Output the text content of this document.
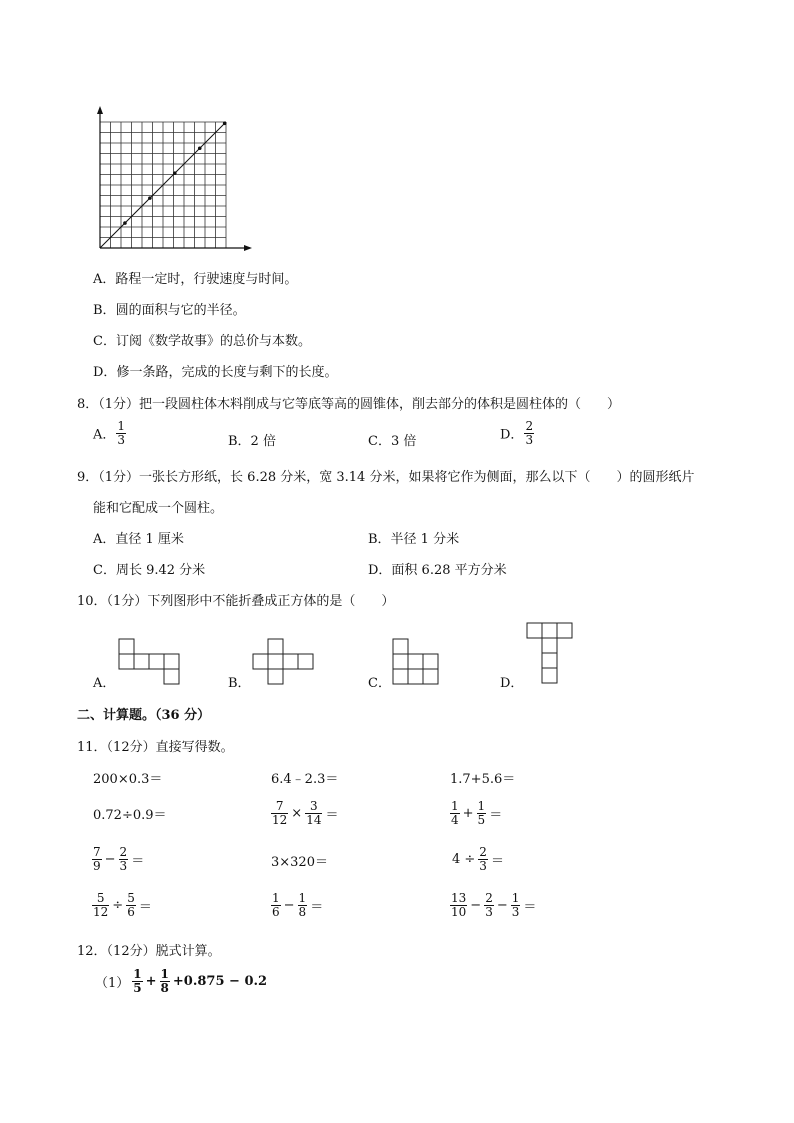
A．路程一定时，行驶速度与时间。
B．圆的面积与它的半径。
C．订阅《数学故事》的总价与本数。
D．修一条路，完成的长度与剩下的长度。
8．（1分）把一段圆柱体木料削成与它等底等高的圆锥体，削去部分的体积是圆柱体的（　　）
A． $\frac{1}{3}$	B．2 倍	C．3 倍	D． $\frac{2}{3}$
9．（1分）一张长方形纸，长 6.28 分米，宽 3.14 分米，如果将它作为侧面，那么以下（　　）的圆形纸片
能和它配成一个圆柱。
A．直径 1 厘米	B．半径 1 分米
C．周长 9.42 分米	D．面积 6.28 平方分米
10．（1分）下列图形中不能折叠成正方体的是（　　）
A．	B．	C．	D．
二、计算题。（36 分）
11．（12分）直接写得数。
200×0.3＝	6.4﹣2.3＝	1.7+5.6＝
0.72÷0.9＝	$\frac{7}{12} \times \frac{3}{14}$ ＝	$\frac{1}{4} + \frac{1}{5}$ ＝
$\frac{7}{9} - \frac{2}{3}$ ＝	3×320＝	$4 \div \frac{2}{3}$ ＝
$\frac{5}{12} \div \frac{5}{6}$ ＝	$\frac{1}{6} - \frac{1}{8}$ ＝	$\frac{13}{10} - \frac{2}{3} - \frac{1}{3}$ ＝
12．（12分）脱式计算。
$(1) \frac{1}{5} + \frac{1}{8} +0.875 - 0.2$
